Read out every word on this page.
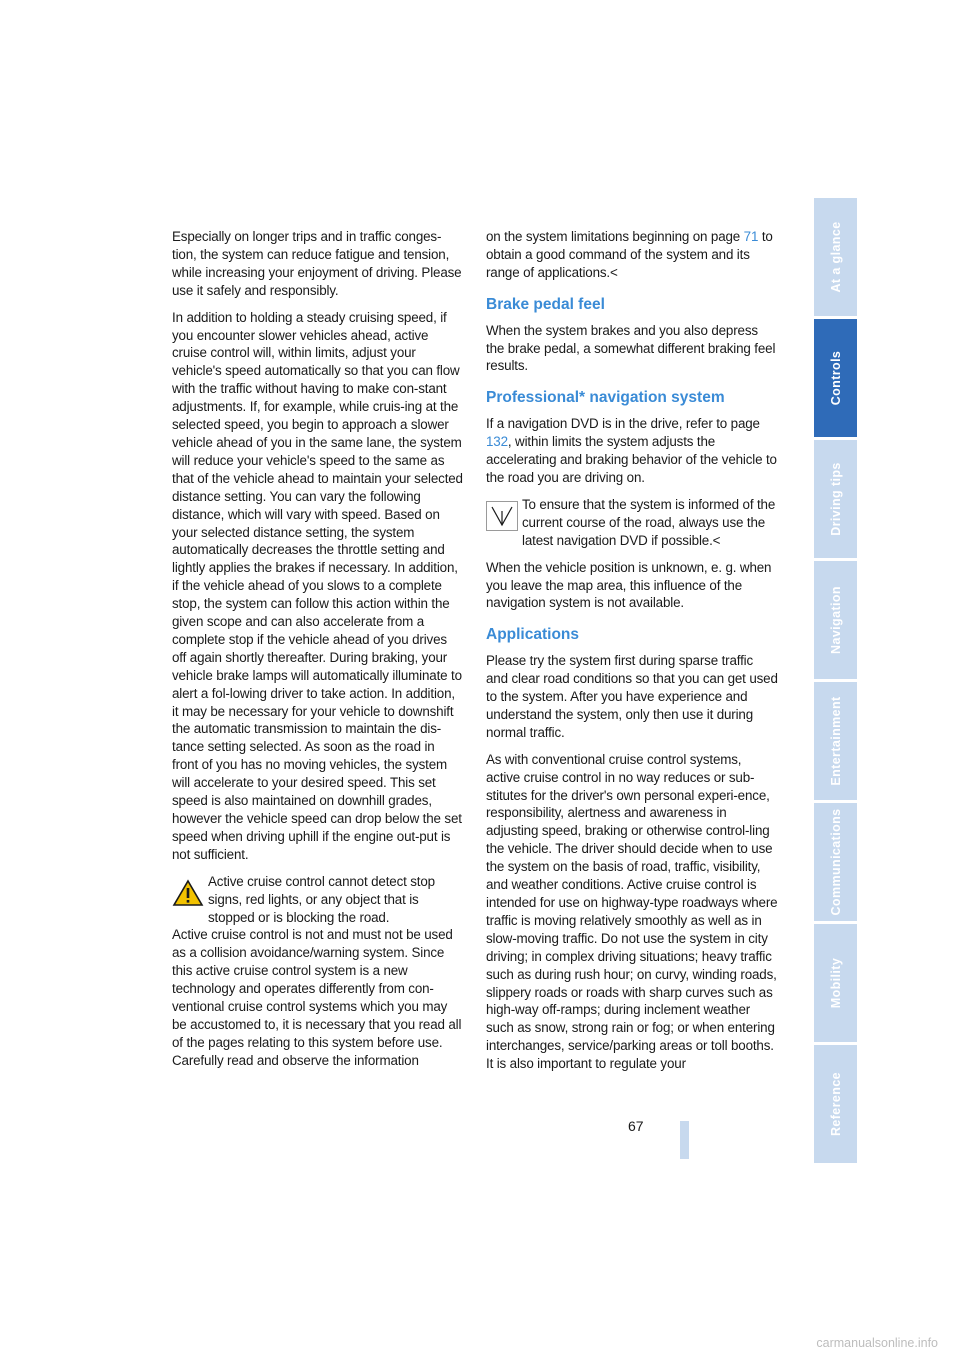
Especially on longer trips and in traffic conges-tion, the system can reduce fatigue and tension, while increasing your enjoyment of driving. Please use it safely and responsibly.

In addition to holding a steady cruising speed, if you encounter slower vehicles ahead, active cruise control will, within limits, adjust your vehicle's speed automatically so that you can flow with the traffic without having to make con-stant adjustments. If, for example, while cruis-ing at the selected speed, you begin to approach a slower vehicle ahead of you in the same lane, the system will reduce your vehicle's speed to the same as that of the vehicle ahead to maintain your selected distance setting. You can vary the following distance, which will vary with speed. Based on your selected distance setting, the system automatically decreases the throttle setting and lightly applies the brakes if necessary. In addition, if the vehicle ahead of you slows to a complete stop, the system can follow this action within the given scope and can also accelerate from a complete stop if the vehicle ahead of you drives off again shortly thereafter. During braking, your vehicle brake lamps will automatically illuminate to alert a fol-lowing driver to take action. In addition, it may be necessary for your vehicle to downshift the automatic transmission to maintain the dis-tance setting selected. As soon as the road in front of you has no moving vehicles, the system will accelerate to your desired speed. This set speed is also maintained on downhill grades, however the vehicle speed can drop below the set speed when driving uphill if the engine out-put is not sufficient.

Active cruise control cannot detect stop signs, red lights, or any object that is stopped or is blocking the road.
Active cruise control is not and must not be used as a collision avoidance/warning system. Since this active cruise control system is a new technology and operates differently from con-ventional cruise control systems which you may be accustomed to, it is necessary that you read all of the pages relating to this system before use. Carefully read and observe the information

on the system limitations beginning on page 71 to obtain a good command of the system and its range of applications.<

Brake pedal feel

When the system brakes and you also depress the brake pedal, a somewhat different braking feel results.

Professional* navigation system

If a navigation DVD is in the drive, refer to page 132, within limits the system adjusts the accelerating and braking behavior of the vehicle to the road you are driving on.

To ensure that the system is informed of the current course of the road, always use the latest navigation DVD if possible.<

When the vehicle position is unknown, e. g. when you leave the map area, this influence of the navigation system is not available.

Applications

Please try the system first during sparse traffic and clear road conditions so that you can get used to the system. After you have experience and understand the system, only then use it during normal traffic.

As with conventional cruise control systems, active cruise control in no way reduces or sub-stitutes for the driver's own personal experi-ence, responsibility, alertness and awareness in adjusting speed, braking or otherwise control-ling the vehicle. The driver should decide when to use the system on the basis of road, traffic, visibility, and weather conditions. Active cruise control is intended for use on highway-type roadways where traffic is moving relatively smoothly as well as in slow-moving traffic. Do not use the system in city driving; in complex driving situations; heavy traffic such as during rush hour; on curvy, winding roads, slippery roads or roads with sharp curves such as high-way off-ramps; during inclement weather such as snow, strong rain or fog; or when entering interchanges, service/parking areas or toll booths. It is also important to regulate your

At a glance
Controls
Driving tips
Navigation
Entertainment
Communications
Mobility
Reference
67
carmanualsonline.info
